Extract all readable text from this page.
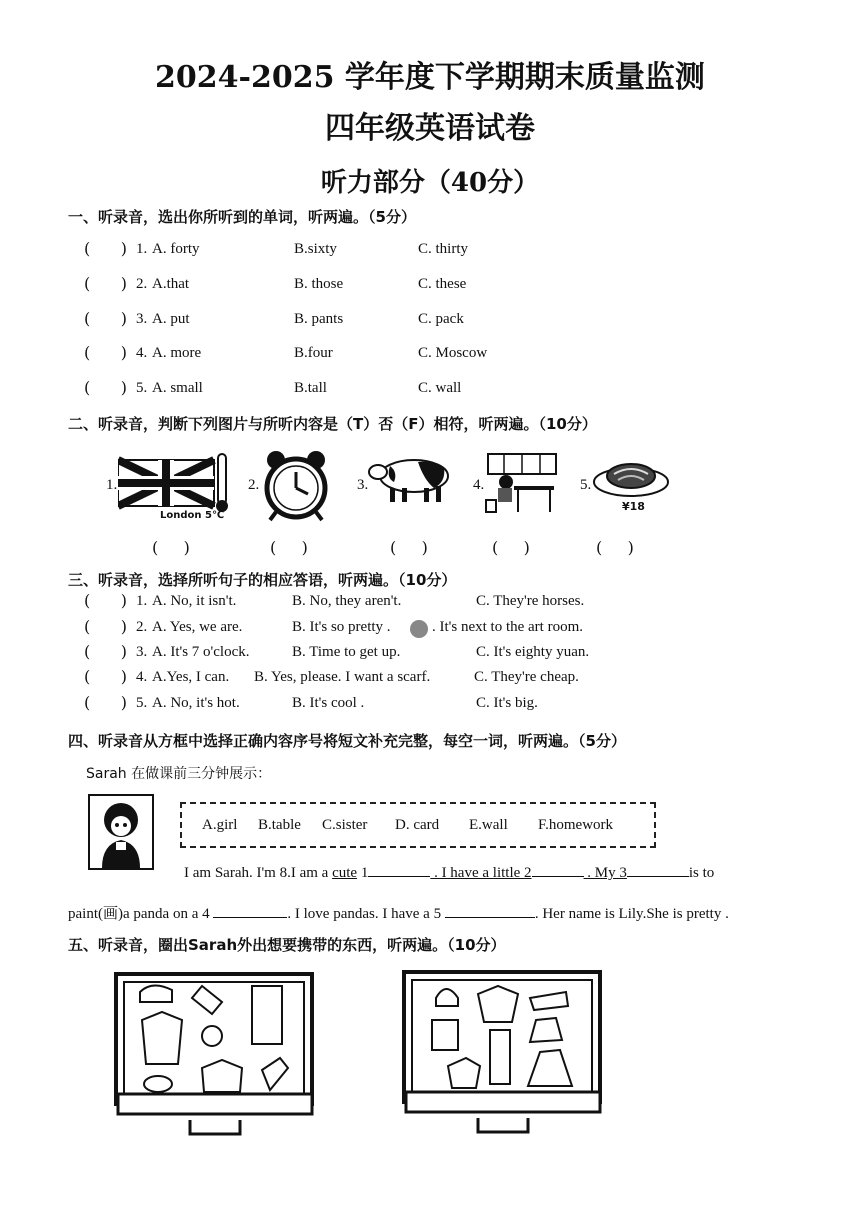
2024-2025 学年度下学期期末质量监测
四年级英语试卷
听力部分（40分）
一、听录音，选出你所听到的单词，听两遍。（5分）
(      ) 1. A. forty	B.sixty	C. thirty
(      ) 2. A.that	B. those	C. these
(      ) 3. A. put	B. pants	C. pack
(      ) 4. A. more	B.four	C. Moscow
(      ) 5. A. small	B.tall	C. wall
二、听录音，判断下列图片与所听内容是（T）否（F）相符，听两遍。（10分）
1.
London 5℃
2.	3.	4.	5.
¥18
(     )	(     )	(     )	(     )	(     )
三、听录音，选择所听句子的相应答语，听两遍。（10分）
(      ) 1. A. No, it isn't.	B. No, they aren't.	C. They're horses.
(      ) 2. A. Yes, we are.	B. It's so pretty .	. It's next to the art room.
(      ) 3. A. It's 7 o'clock.	B. Time to get up.	C. It's eighty yuan.
(      ) 4. A.Yes, I can. B. Yes, please. I want a scarf.	C. They're cheap.
(      ) 5. A. No, it's hot.	B. It's cool .	C. It's big.
四、听录音从方框中选择正确内容序号将短文补充完整，每空一词，听两遍。（5分）
Sarah 在做课前三分钟展示：
A.girl B.table C.sister D. card E.wall F.homework
I am Sarah. I'm 8.I am a cute 1	. I have a little 2	. My 3	is to
paint(画)a panda on a 4	. I love pandas. I have a 5	. Her name is Lily.She is pretty .
五、听录音，圈出Sarah外出想要携带的东西，听两遍。（10分）
